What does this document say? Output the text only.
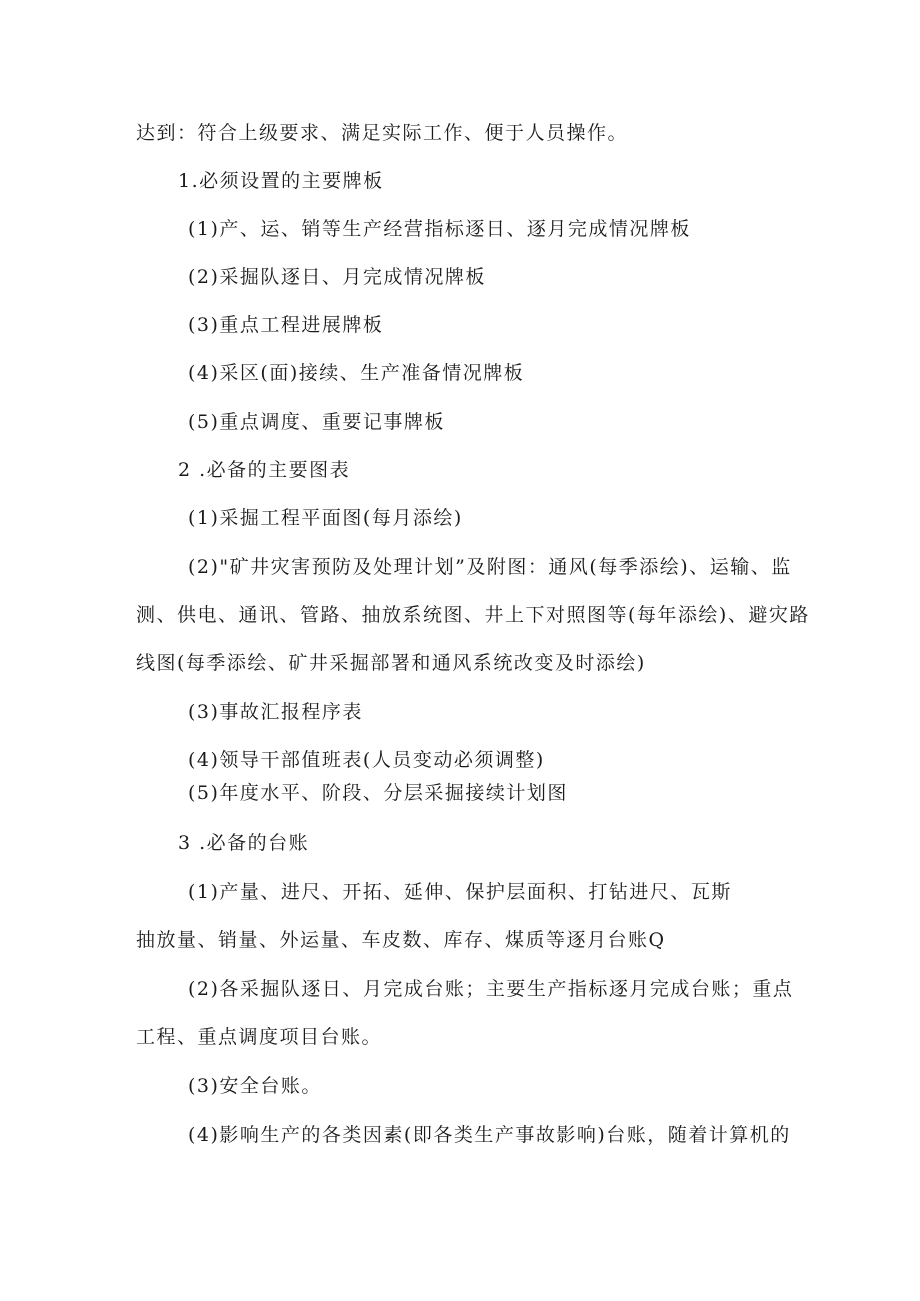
达到：符合上级要求、满足实际工作、便于人员操作。
1.必须设置的主要牌板
(1)产、运、销等生产经营指标逐日、逐月完成情况牌板
(2)采掘队逐日、月完成情况牌板
(3)重点工程进展牌板
(4)采区(面)接续、生产准备情况牌板
(5)重点调度、重要记事牌板
2 .必备的主要图表
(1)采掘工程平面图(每月添绘)
(2)"矿井灾害预防及处理计划”及附图：通风(每季添绘)、运输、监
测、供电、通讯、管路、抽放系统图、井上下对照图等(每年添绘)、避灾路
线图(每季添绘、矿井采掘部署和通风系统改变及时添绘)
(3)事故汇报程序表
(4)领导干部值班表(人员变动必须调整)
(5)年度水平、阶段、分层采掘接续计划图
3 .必备的台账
(1)产量、进尺、开拓、延伸、保护层面积、打钻进尺、瓦斯
抽放量、销量、外运量、车皮数、库存、煤质等逐月台账Q
(2)各采掘队逐日、月完成台账；主要生产指标逐月完成台账；重点
工程、重点调度项目台账。
(3)安全台账。
(4)影响生产的各类因素(即各类生产事故影响)台账，随着计算机的
